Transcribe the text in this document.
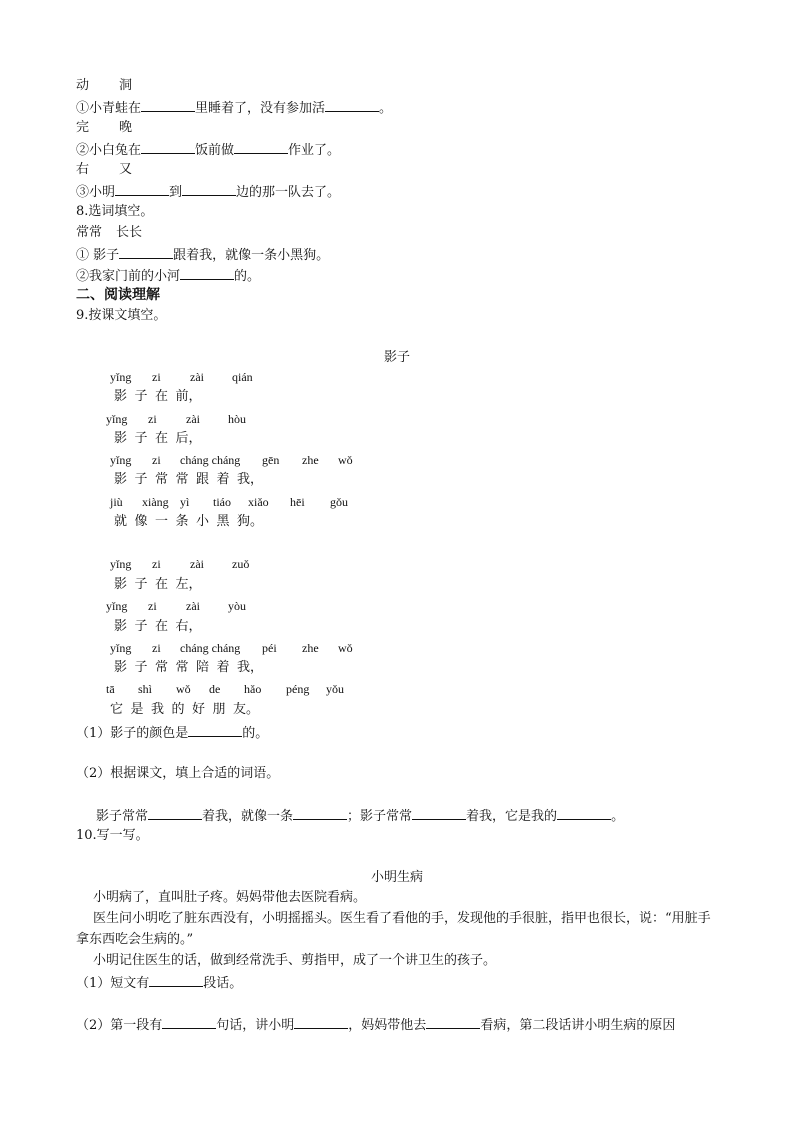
动 洞
①小青蛙在	里睡着了，没有参加活	。
完 晚
②小白兔在	饭前做	作业了。
右 又
③小明	到	边的那一队去了。
8.选词填空。
常常 长长
① 影子	跟着我，就像一条小黑狗。
②我家门前的小河	的。
二、阅读理解
9.按课文填空。
影子
yǐng zi zài qián
影 子 在 前，
yǐng zi zài hòu
影 子 在 后，
yǐng zi cháng cháng gēn zhe wǒ
影 子 常 常 跟 着 我，
jiù xiàng yì tiáo xiǎo hēi gǒu
就 像 一 条 小 黑 狗。
yǐng zi zài zuǒ
影 子 在 左，
yǐng zi zài yòu
影 子 在 右，
yǐng zi cháng cháng péi zhe wǒ
影 子 常 常 陪 着 我，
tā shì wǒ de hǎo péng yǒu
它 是 我 的 好 朋 友。
（1）影子的颜色是	的。
（2）根据课文，填上合适的词语。
影子常常	着我，就像一条	；影子常常	着我，它是我的	。
10.写一写。
小明生病
小明病了，直叫肚子疼。妈妈带他去医院看病。
医生问小明吃了脏东西没有，小明摇摇头。医生看了看他的手，发现他的手很脏，指甲也很长，说：“用脏手拿东西吃会生病的。”
小明记住医生的话，做到经常洗手、剪指甲，成了一个讲卫生的孩子。
（1）短文有	段话。
（2）第一段有	句话，讲小明	，妈妈带他去	看病，第二段话讲小明生病的原因
